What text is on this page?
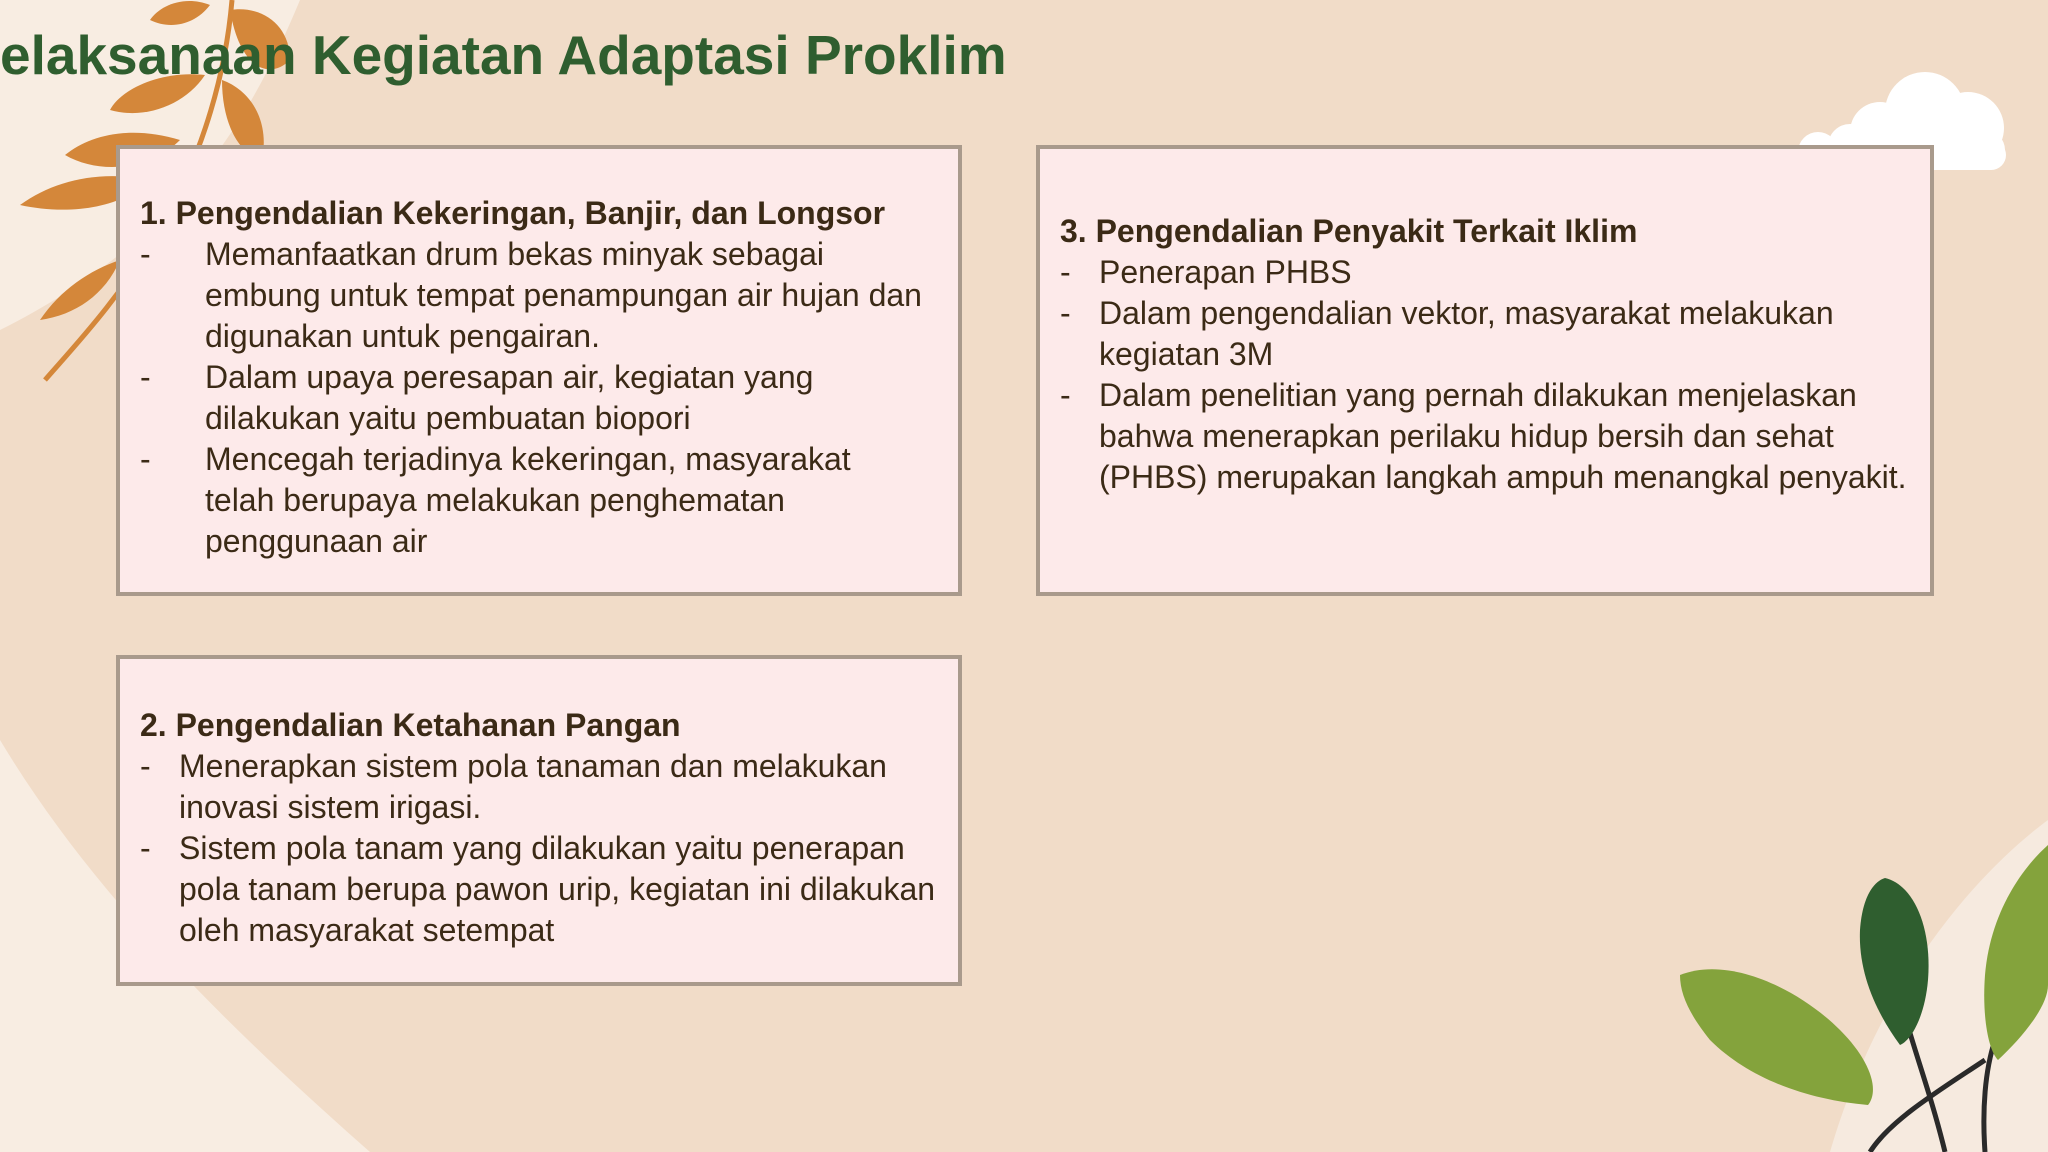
elaksanaan Kegiatan Adaptasi Proklim
1. Pengendalian Kekeringan, Banjir, dan Longsor
- Memanfaatkan drum bekas minyak sebagai embung untuk tempat penampungan air hujan dan digunakan untuk pengairan.
- Dalam upaya peresapan air, kegiatan yang dilakukan yaitu pembuatan biopori
- Mencegah terjadinya kekeringan, masyarakat telah berupaya melakukan penghematan penggunaan air
2. Pengendalian Ketahanan Pangan
- Menerapkan sistem pola tanaman dan melakukan inovasi sistem irigasi.
- Sistem pola tanam yang dilakukan yaitu penerapan pola tanam berupa pawon urip, kegiatan ini dilakukan oleh masyarakat setempat
3. Pengendalian Penyakit Terkait Iklim
- Penerapan PHBS
- Dalam pengendalian vektor, masyarakat melakukan kegiatan 3M
- Dalam penelitian yang pernah dilakukan menjelaskan bahwa menerapkan perilaku hidup bersih dan sehat (PHBS) merupakan langkah ampuh menangkal penyakit.
